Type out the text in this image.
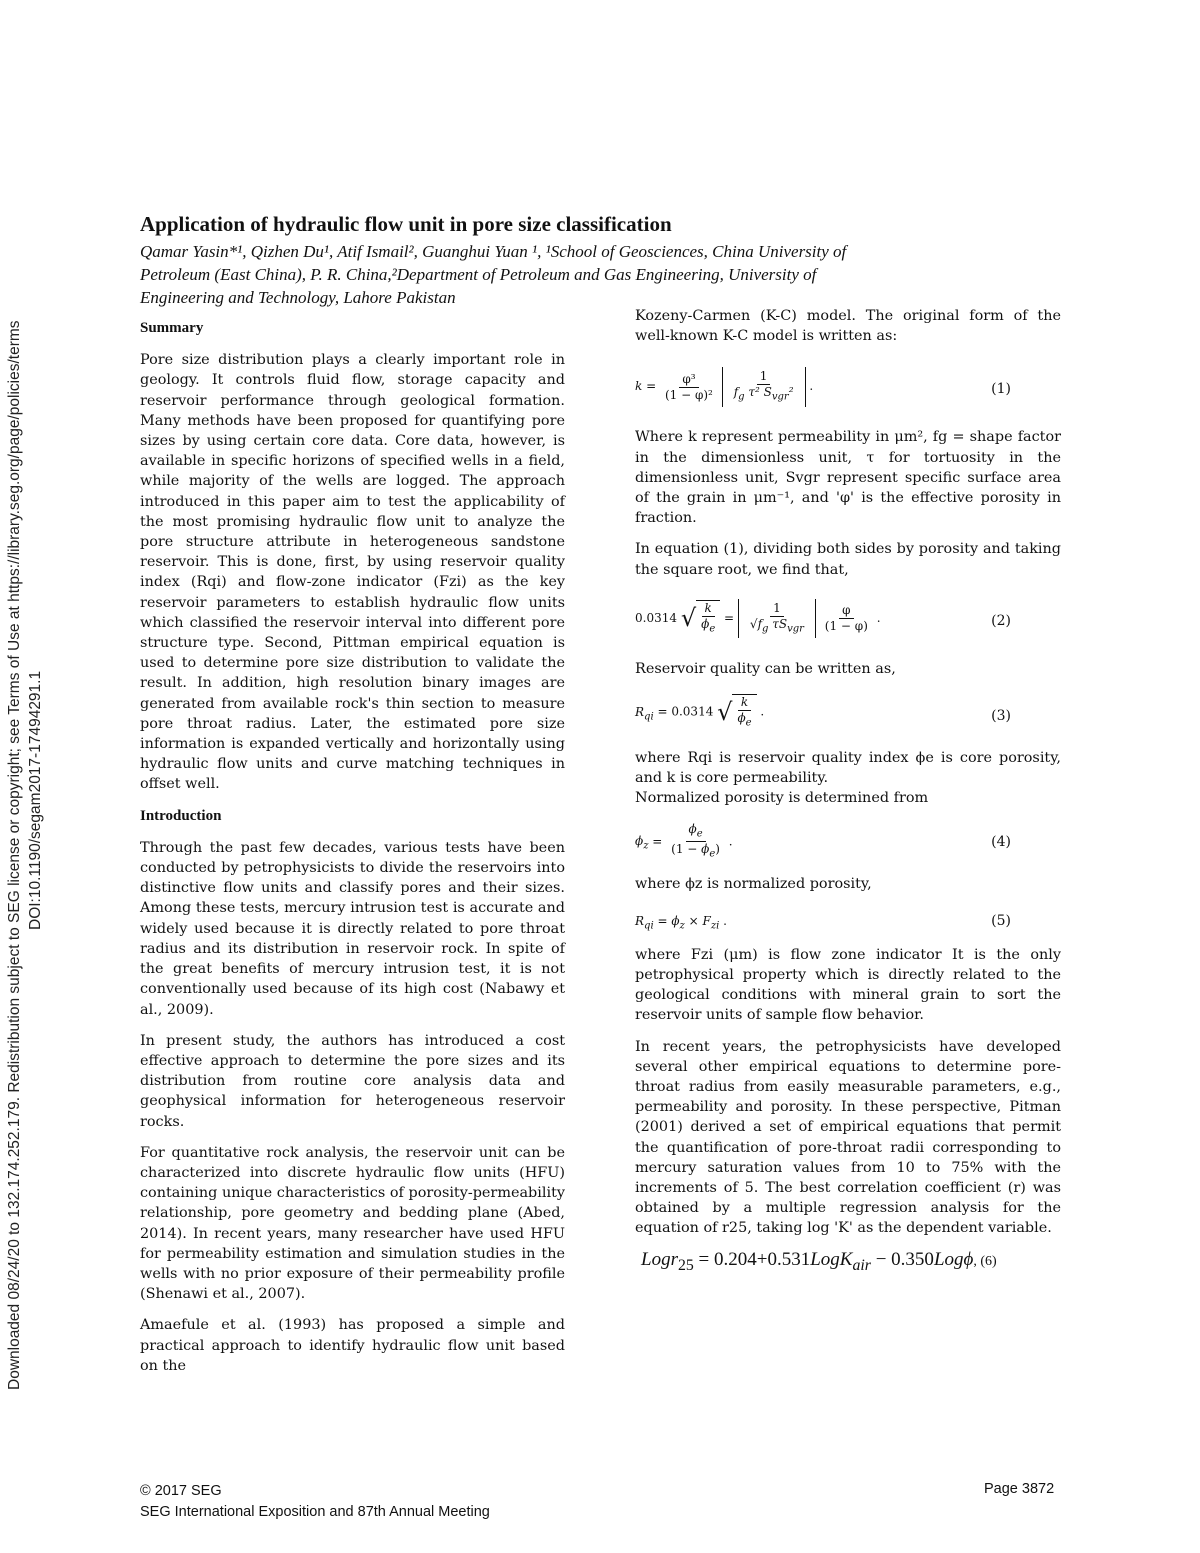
Downloaded 08/24/20 to 132.174.252.179. Redistribution subject to SEG license or copyright; see Terms of Use at https://library.seg.org/page/policies/terms DOI:10.1190/segam2017-17494291.1
Application of hydraulic flow unit in pore size classification
Qamar Yasin*¹, Qizhen Du¹, Atif Ismail², Guanghui Yuan ¹, ¹School of Geosciences, China University of
Petroleum (East China), P. R. China,²Department of Petroleum and Gas Engineering, University of
Engineering and Technology, Lahore Pakistan
Summary

Pore size distribution plays a clearly important role in geology. It controls fluid flow, storage capacity and reservoir performance through geological formation. Many methods have been proposed for quantifying pore sizes by using certain core data. Core data, however, is available in specific horizons of specified wells in a field, while majority of the wells are logged. The approach introduced in this paper aim to test the applicability of the most promising hydraulic flow unit to analyze the pore structure attribute in heterogeneous sandstone reservoir. This is done, first, by using reservoir quality index (Rqi) and flow-zone indicator (Fzi) as the key reservoir parameters to establish hydraulic flow units which classified the reservoir interval into different pore structure type. Second, Pittman empirical equation is used to determine pore size distribution to validate the result. In addition, high resolution binary images are generated from available rock's thin section to measure pore throat radius. Later, the estimated pore size information is expanded vertically and horizontally using hydraulic flow units and curve matching techniques in offset well.

Introduction

Through the past few decades, various tests have been conducted by petrophysicists to divide the reservoirs into distinctive flow units and classify pores and their sizes. Among these tests, mercury intrusion test is accurate and widely used because it is directly related to pore throat radius and its distribution in reservoir rock. In spite of the great benefits of mercury intrusion test, it is not conventionally used because of its high cost (Nabawy et al., 2009).

In present study, the authors has introduced a cost effective approach to determine the pore sizes and its distribution from routine core analysis data and geophysical information for heterogeneous reservoir rocks.

For quantitative rock analysis, the reservoir unit can be characterized into discrete hydraulic flow units (HFU) containing unique characteristics of porosity-permeability relationship, pore geometry and bedding plane (Abed, 2014). In recent years, many researcher have used HFU for permeability estimation and simulation studies in the wells with no prior exposure of their permeability profile (Shenawi et al., 2007).

Amaefule et al. (1993) has proposed a simple and practical approach to identify hydraulic flow unit based on the

Kozeny-Carmen (K-C) model. The original form of the well-known K-C model is written as:

$k = \frac{\text{φ³}}{\text{(1 − φ)²}}$
$\frac{1}{f_g \tau^2 S_{vgr}^2}$ .	(1)

Where k represent permeability in μm², fg = shape factor in the dimensionless unit, τ for tortuosity in the dimensionless unit, Svgr represent specific surface area of the grain in μm⁻¹, and 'φ' is the effective porosity in fraction.

In equation (1), dividing both sides by porosity and taking the square root, we find that,

0.0314 √ $\frac{k}{\phi_e} = \frac{1}{√f_g \tau S_{vgr}}$
$\frac{\varphi}{(1 - \varphi)}$ .	(2)

Reservoir quality can be written as,

$R_{qi} = 0.0314$ √ $\frac{k}{\phi_e}$ .	(3)

where Rqi is reservoir quality index ϕe is core porosity, and k is core permeability.

Normalized porosity is determined from

$\phi_z = \frac{\phi_e}{(1 - \phi_e)}$ .	(4)

where ϕz is normalized porosity,

$R_{qi} = \phi_z \times F_{zi}$ .	(5)

where Fzi (μm) is flow zone indicator It is the only petrophysical property which is directly related to the geological conditions with mineral grain to sort the reservoir units of sample flow behavior.

In recent years, the petrophysicists have developed several other empirical equations to determine pore-throat radius from easily measurable parameters, e.g., permeability and porosity. In these perspective, Pitman (2001) derived a set of empirical equations that permit the quantification of pore-throat radii corresponding to mercury saturation values from 10 to 75% with the increments of 5. The best correlation coefficient (r) was obtained by a multiple regression analysis for the equation of r25, taking log 'K' as the dependent variable.

Logr$_{25}$ = 0.204+0.531LogK$_{air}$ − 0.350Logϕ, (6)
© 2017 SEG
SEG International Exposition and 87th Annual Meeting
Page 3872
